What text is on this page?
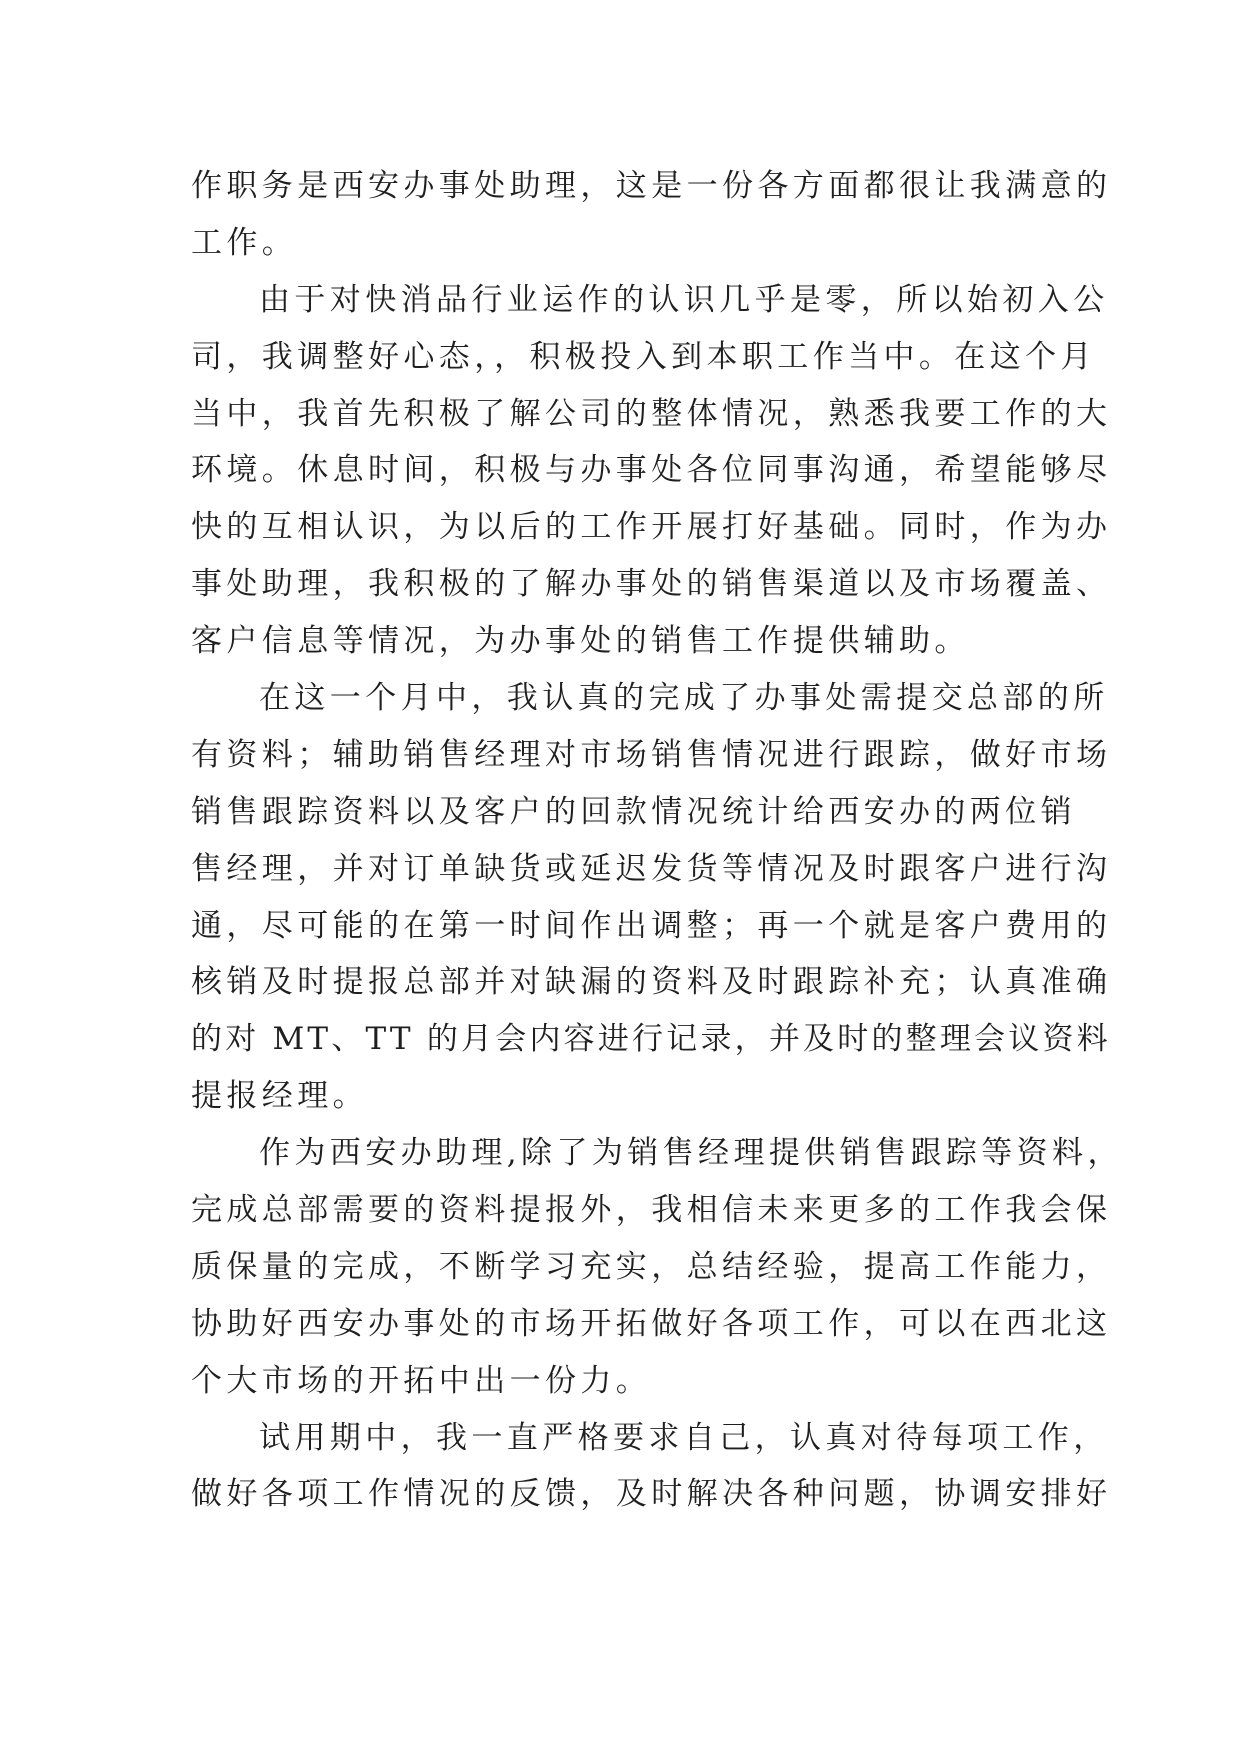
作职务是西安办事处助理，这是一份各方面都很让我满意的
工作。
由于对快消品行业运作的认识几乎是零，所以始初入公
司，我调整好心态，，积极投入到本职工作当中。在这个月
当中，我首先积极了解公司的整体情况，熟悉我要工作的大
环境。休息时间，积极与办事处各位同事沟通，希望能够尽
快的互相认识，为以后的工作开展打好基础。同时，作为办
事处助理，我积极的了解办事处的销售渠道以及市场覆盖、
客户信息等情况，为办事处的销售工作提供辅助。
在这一个月中，我认真的完成了办事处需提交总部的所
有资料；辅助销售经理对市场销售情况进行跟踪，做好市场
销售跟踪资料以及客户的回款情况统计给西安办的两位销
售经理，并对订单缺货或延迟发货等情况及时跟客户进行沟
通，尽可能的在第一时间作出调整；再一个就是客户费用的
核销及时提报总部并对缺漏的资料及时跟踪补充；认真准确
的对 MT、TT 的月会内容进行记录，并及时的整理会议资料
提报经理。
作为西安办助理,除了为销售经理提供销售跟踪等资料，
完成总部需要的资料提报外，我相信未来更多的工作我会保
质保量的完成，不断学习充实，总结经验，提高工作能力，
协助好西安办事处的市场开拓做好各项工作，可以在西北这
个大市场的开拓中出一份力。
试用期中，我一直严格要求自己，认真对待每项工作，
做好各项工作情况的反馈，及时解决各种问题，协调安排好
